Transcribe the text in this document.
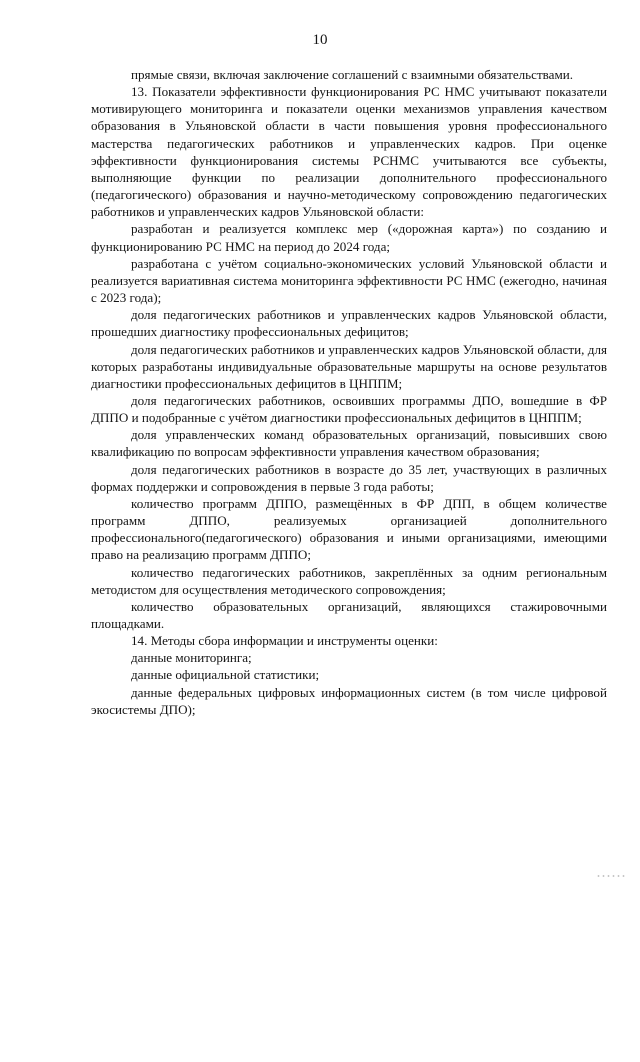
10

прямые связи, включая заключение соглашений с взаимными обязательствами.

13. Показатели эффективности функционирования РС НМС учитывают показатели мотивирующего мониторинга и показатели оценки механизмов управления качеством образования в Ульяновской области в части повышения уровня профессионального мастерства педагогических работников и управленческих кадров. При оценке эффективности функционирования системы РСНМС учитываются все субъекты, выполняющие функции по реализации дополнительного профессионального (педагогического) образования и научно-методическому сопровождению педагогических работников и управленческих кадров Ульяновской области:

разработан и реализуется комплекс мер («дорожная карта») по созданию и функционированию РС НМС на период до 2024 года;

разработана с учётом социально-экономических условий Ульяновской области и реализуется вариативная система мониторинга эффективности РС НМС (ежегодно, начиная с 2023 года);

доля педагогических работников и управленческих кадров Ульяновской области, прошедших диагностику профессиональных дефицитов;

доля педагогических работников и управленческих кадров Ульяновской области, для которых разработаны индивидуальные образовательные маршруты на основе результатов диагностики профессиональных дефицитов в ЦНППМ;

доля педагогических работников, освоивших программы ДПО, вошедшие в ФР ДППО и подобранные с учётом диагностики профессиональных дефицитов в ЦНППМ;

доля управленческих команд образовательных организаций, повысивших свою квалификацию по вопросам эффективности управления качеством образования;

доля педагогических работников в возрасте до 35 лет, участвующих в различных формах поддержки и сопровождения в первые 3 года работы;

количество программ ДППО, размещённых в ФР ДПП, в общем количестве программ ДППО, реализуемых организацией дополнительного профессионального(педагогического) образования и иными организациями, имеющими право на реализацию программ ДППО;

количество педагогических работников, закреплённых за одним региональным методистом для осуществления методического сопровождения;

количество образовательных организаций, являющихся стажировочными площадками.

14. Методы сбора информации и инструменты оценки:

данные мониторинга;

данные официальной статистики;

данные федеральных цифровых информационных систем (в том числе цифровой экосистемы ДПО);
